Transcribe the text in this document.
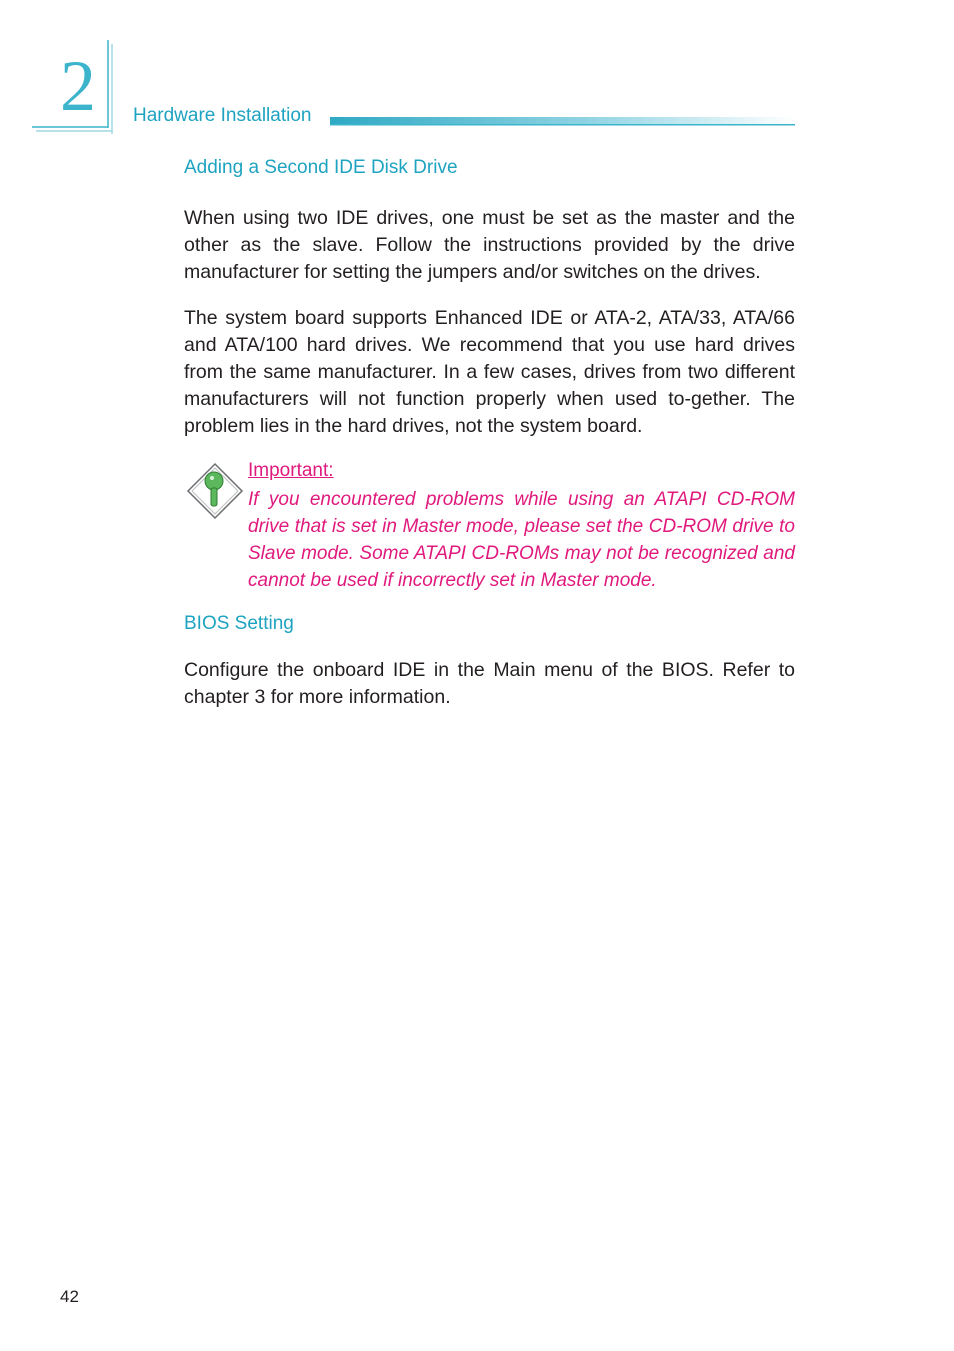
2	Hardware Installation
Adding a Second IDE Disk Drive

When using two IDE drives, one must be set as the master and the other as the slave. Follow the instructions provided by the drive manufacturer for setting the jumpers and/or switches on the drives.

The system board supports Enhanced IDE or ATA-2, ATA/33, ATA/66 and ATA/100 hard drives. We recommend that you use hard drives from the same manufacturer. In a few cases, drives from two different manufacturers will not function properly when used to-gether. The problem lies in the hard drives, not the system board.

Important:

If you encountered problems while using an ATAPI CD-ROM drive that is set in Master mode, please set the CD-ROM drive to Slave mode. Some ATAPI CD-ROMs may not be recognized and cannot be used if incorrectly set in Master mode.

BIOS Setting

Configure the onboard IDE in the Main menu of the BIOS. Refer to chapter 3 for more information.

42
